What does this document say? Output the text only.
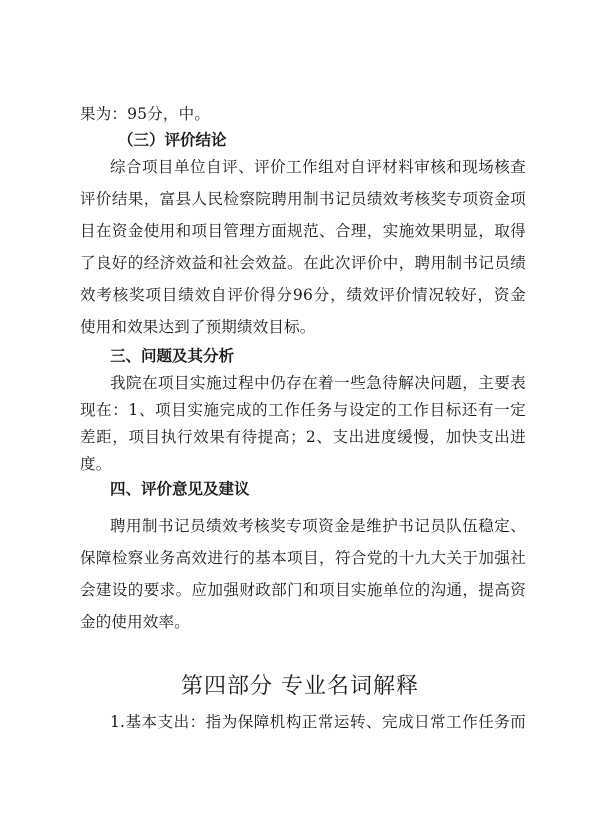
果为：95分，中。
（三）评价结论
综合项目单位自评、评价工作组对自评材料审核和现场核查
评价结果，富县人民检察院聘用制书记员绩效考核奖专项资金项
目在资金使用和项目管理方面规范、合理，实施效果明显，取得
了良好的经济效益和社会效益。在此次评价中，聘用制书记员绩
效考核奖项目绩效自评价得分96分，绩效评价情况较好，资金
使用和效果达到了预期绩效目标。
三、问题及其分析
我院在项目实施过程中仍存在着一些急待解决问题，主要表
现在：1、项目实施完成的工作任务与设定的工作目标还有一定
差距，项目执行效果有待提高；2、支出进度缓慢，加快支出进
度。
四、评价意见及建议
聘用制书记员绩效考核奖专项资金是维护书记员队伍稳定、
保障检察业务高效进行的基本项目，符合党的十九大关于加强社
会建设的要求。应加强财政部门和项目实施单位的沟通，提高资
金的使用效率。
第四部分 专业名词解释
1.基本支出：指为保障机构正常运转、完成日常工作任务而
